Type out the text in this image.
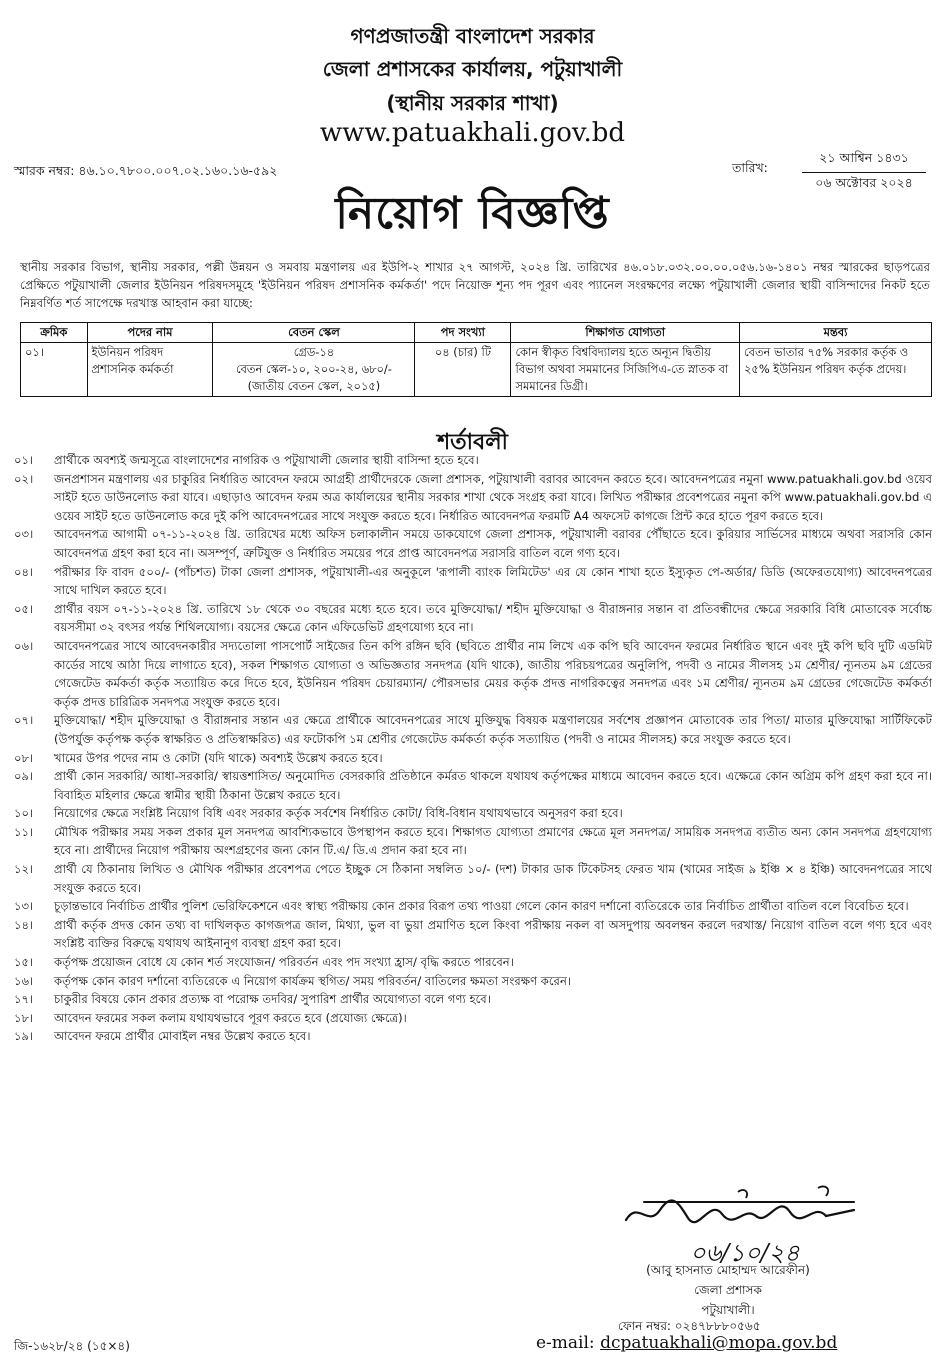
গণপ্রজাতন্ত্রী বাংলাদেশ সরকার
জেলা প্রশাসকের কার্যালয়, পটুয়াখালী
(স্থানীয় সরকার শাখা)
www.patuakhali.gov.bd
স্মারক নম্বর: ৪৬.১০.৭৮০০.০০৭.০২.১৬০.১৬-৫৯২	তারিখ:
২১ আশ্বিন ১৪৩১
০৬ অক্টোবর ২০২৪
নিয়োগ বিজ্ঞপ্তি
স্থানীয় সরকার বিভাগ, স্থানীয় সরকার, পল্লী উন্নয়ন ও সমবায় মন্ত্রণালয় এর ইউপি-২ শাখার ২৭ আগস্ট, ২০২৪ খ্রি. তারিখের ৪৬.০১৮.০৩২.০০.০০.০৫৬.১৬-১৪০১ নম্বর স্মারকের ছাড়পত্রের প্রেক্ষিতে পটুয়াখালী জেলার ইউনিয়ন পরিষদসমূহে 'ইউনিয়ন পরিষদ প্রশাসনিক কর্মকর্তা' পদে নিয়োক্ত শূন্য পদ পূরণ এবং প্যানেল সংরক্ষণের লক্ষ্যে পটুয়াখালী জেলার স্থায়ী বাসিন্দাদের নিকট হতে নিম্নবর্ণিত শর্ত সাপেক্ষে দরখাস্ত আহবান করা যাচ্ছে:
ক্রমিক	পদের নাম	বেতন স্কেল	পদ সংখ্যা	শিক্ষাগত যোগ্যতা	মন্তব্য
০১।	ইউনিয়ন পরিষদ প্রশাসনিক কর্মকর্তা	গ্রেড-১৪
বেতন স্কেল-১০, ২০০-২৪, ৬৮০/-
(জাতীয় বেতন স্কেল, ২০১৫)	০৪ (চার) টি	কোন স্বীকৃত বিশ্ববিদ্যালয় হতে অন্যূন দ্বিতীয় বিভাগ অথবা সমমানের সিজিপিএ-তে স্নাতক বা সমমানের ডিগ্রী।	বেতন ভাতার ৭৫% সরকার কর্তৃক ও ২৫% ইউনিয়ন পরিষদ কর্তৃক প্রদেয়।
শর্তাবলী
০১।	প্রার্থীকে অবশ্যই জন্মসূত্রে বাংলাদেশের নাগরিক ও পটুয়াখালী জেলার স্থায়ী বাসিন্দা হতে হবে।
০২।	জনপ্রশাসন মন্ত্রণালয় এর চাকুরির নির্ধারিত আবেদন ফরমে আগ্রহী প্রার্থীদেরকে জেলা প্রশাসক, পটুয়াখালী বরাবর আবেদন করতে হবে। আবেদনপত্রের নমুনা www.patuakhali.gov.bd ওয়েব সাইট হতে ডাউনলোড করা যাবে। এছাড়াও আবেদন ফরম অত্র কার্যালয়ের স্থানীয় সরকার শাখা থেকে সংগ্রহ করা যাবে। লিখিত পরীক্ষার প্রবেশপত্রের নমুনা কপি www.patuakhali.gov.bd এ ওয়েব সাইট হতে ডাউনলোড করে দুই কপি আবেদনপত্রের সাথে সংযুক্ত করতে হবে। নির্ধারিত আবেদনপত্র ফরমটি A4 অফসেট কাগজে প্রিন্ট করে হাতে পূরণ করতে হবে।
০৩।	আবেদনপত্র আগামী ০৭-১১-২০২৪ খ্রি. তারিখের মধ্যে অফিস চলাকালীন সময়ে ডাকযোগে জেলা প্রশাসক, পটুয়াখালী বরাবর পৌঁছাতে হবে। কুরিয়ার সার্ভিসের মাধ্যমে অথবা সরাসরি কোন আবেদনপত্র গ্রহণ করা হবে না। অসম্পূর্ণ, ত্রুটিযুক্ত ও নির্ধারিত সময়ের পরে প্রাপ্ত আবেদনপত্র সরাসরি বাতিল বলে গণ্য হবে।
০৪।	পরীক্ষার ফি বাবদ ৫০০/- (পাঁচশত) টাকা জেলা প্রশাসক, পটুয়াখালী-এর অনুকূলে 'রূপালী ব্যাংক লিমিটেড' এর যে কোন শাখা হতে ইস্যুকৃত পে-অর্ডার/ ডিডি (অফেরতযোগ্য) আবেদনপত্রের সাথে দাখিল করতে হবে।
০৫।	প্রার্থীর বয়স ০৭-১১-২০২৪ খ্রি. তারিখে ১৮ থেকে ৩০ বছরের মধ্যে হতে হবে। তবে মুক্তিযোদ্ধা/ শহীদ মুক্তিযোদ্ধা ও বীরাঙ্গনার সন্তান বা প্রতিবন্ধীদের ক্ষেত্রে সরকারি বিধি মোতাবেক সর্বোচ্চ বয়সসীমা ৩২ বৎসর পর্যন্ত শিথিলযোগ্য। বয়সের ক্ষেত্রে কোন এফিডেভিট গ্রহণযোগ্য হবে না।
০৬।	আবেদনপত্রের সাথে আবেদনকারীর সদ্যতোলা পাসপোর্ট সাইজের তিন কপি রঙ্গিন ছবি (ছবিতে প্রার্থীর নাম লিখে এক কপি ছবি আবেদন ফরমের নির্ধারিত স্থানে এবং দুই কপি ছবি দুটি এডমিট কার্ডের সাথে আঠা দিয়ে লাগাতে হবে), সকল শিক্ষাগত যোগ্যতা ও অভিজ্ঞতার সনদপত্র (যদি থাকে), জাতীয় পরিচয়পত্রের অনুলিপি, পদবী ও নামের সীলসহ ১ম শ্রেণীর/ ন্যূনতম ৯ম গ্রেডের গেজেটেড কর্মকর্তা কর্তৃক সত্যায়িত করে দিতে হবে, ইউনিয়ন পরিষদ চেয়ারম্যান/ পৌরসভার মেয়র কর্তৃক প্রদত্ত নাগরিকত্বের সনদপত্র এবং ১ম শ্রেণীর/ ন্যূনতম ৯ম গ্রেডের গেজেটেড কর্মকর্তা কর্তৃক প্রদত্ত চারিত্রিক সনদপত্র সংযুক্ত করতে হবে।
০৭।	মুক্তিযোদ্ধা/ শহীদ মুক্তিযোদ্ধা ও বীরাঙ্গনার সন্তান এর ক্ষেত্রে প্রার্থীকে আবেদনপত্রের সাথে মুক্তিযুদ্ধ বিষয়ক মন্ত্রণালয়ের সর্বশেষ প্রজ্ঞাপন মোতাবেক তার পিতা/ মাতার মুক্তিযোদ্ধা সার্টিফিকেট (উপর্যুক্ত কর্তৃপক্ষ কর্তৃক স্বাক্ষরিত ও প্রতিস্বাক্ষরিত) এর ফটোকপি ১ম শ্রেণীর গেজেটেড কর্মকর্তা কর্তৃক সত্যায়িত (পদবী ও নামের সীলসহ) করে সংযুক্ত করতে হবে।
০৮।	খামের উপর পদের নাম ও কোটা (যদি থাকে) অবশ্যই উল্লেখ করতে হবে।
০৯।	প্রার্থী কোন সরকারি/ আধা-সরকারি/ স্বায়ত্তশাসিত/ অনুমোদিত বেসরকারি প্রতিষ্ঠানে কর্মরত থাকলে যথাযথ কর্তৃপক্ষের মাধ্যমে আবেদন করতে হবে। এক্ষেত্রে কোন অগ্রিম কপি গ্রহণ করা হবে না। বিবাহিত মহিলার ক্ষেত্রে স্বামীর স্থায়ী ঠিকানা উল্লেখ করতে হবে।
১০।	নিয়োগের ক্ষেত্রে সংশ্লিষ্ট নিয়োগ বিধি এবং সরকার কর্তৃক সর্বশেষ নির্ধারিত কোটা/ বিধি-বিধান যথাযথভাবে অনুসরণ করা হবে।
১১।	মৌখিক পরীক্ষার সময় সকল প্রকার মূল সনদপত্র আবশ্যিকভাবে উপস্থাপন করতে হবে। শিক্ষাগত যোগ্যতা প্রমাণের ক্ষেত্রে মূল সনদপত্র/ সাময়িক সনদপত্র ব্যতীত অন্য কোন সনদপত্র গ্রহণযোগ্য হবে না। প্রার্থীদের নিয়োগ পরীক্ষায় অংশগ্রহণের জন্য কোন টি.এ/ ডি.এ প্রদান করা হবে না।
১২।	প্রার্থী যে ঠিকানায় লিখিত ও মৌখিক পরীক্ষার প্রবেশপত্র পেতে ইচ্ছুক সে ঠিকানা সম্বলিত ১০/- (দশ) টাকার ডাক টিকেটসহ ফেরত খাম (খামের সাইজ ৯ ইঞ্চি × ৪ ইঞ্চি) আবেদনপত্রের সাথে সংযুক্ত করতে হবে।
১৩।	চূড়ান্তভাবে নির্বাচিত প্রার্থীর পুলিশ ভেরিফিকেশনে এবং স্বাস্থ্য পরীক্ষায় কোন প্রকার বিরূপ তথ্য পাওয়া গেলে কোন কারণ দর্শানো ব্যতিরেকে তার নির্বাচিত প্রার্থীতা বাতিল বলে বিবেচিত হবে।
১৪।	প্রার্থী কর্তৃক প্রদত্ত কোন তথ্য বা দাখিলকৃত কাগজপত্র জাল, মিথ্যা, ভুল বা ভুয়া প্রমাণিত হলে কিংবা পরীক্ষায় নকল বা অসদুপায় অবলম্বন করলে দরখাস্ত/ নিয়োগ বাতিল বলে গণ্য হবে এবং সংশ্লিষ্ট ব্যক্তির বিরুদ্ধে যথাযথ আইনানুগ ব্যবস্থা গ্রহণ করা হবে।
১৫।	কর্তৃপক্ষ প্রয়োজন বোধে যে কোন শর্ত সংযোজন/ পরিবর্তন এবং পদ সংখ্যা হ্রাস/ বৃদ্ধি করতে পারবেন।
১৬।	কর্তৃপক্ষ কোন কারণ দর্শানো ব্যতিরেকে এ নিয়োগ কার্যক্রম স্থগিত/ সময় পরিবর্তন/ বাতিলের ক্ষমতা সংরক্ষণ করেন।
১৭।	চাকুরীর বিষয়ে কোন প্রকার প্রত্যক্ষ বা পরোক্ষ তদবির/ সুপারিশ প্রার্থীর অযোগ্যতা বলে গণ্য হবে।
১৮।	আবেদন ফরমের সকল কলাম যথাযথভাবে পূরণ করতে হবে (প্রযোজ্য ক্ষেত্রে)।
১৯।	আবেদন ফরমে প্রার্থীর মোবাইল নম্বর উল্লেখ করতে হবে।
০৬/১০/২৪
(আবু হাসনাত মোহাম্মদ আরেফীন)
জেলা প্রশাসক
পটুয়াখালী।
ফোন নম্বর: ০২৪৭৮৮৮০৫৬৫
জি-১৬২৮/২৪ (১৫×৪)	e-mail: dcpatuakhali@mopa.gov.bd
